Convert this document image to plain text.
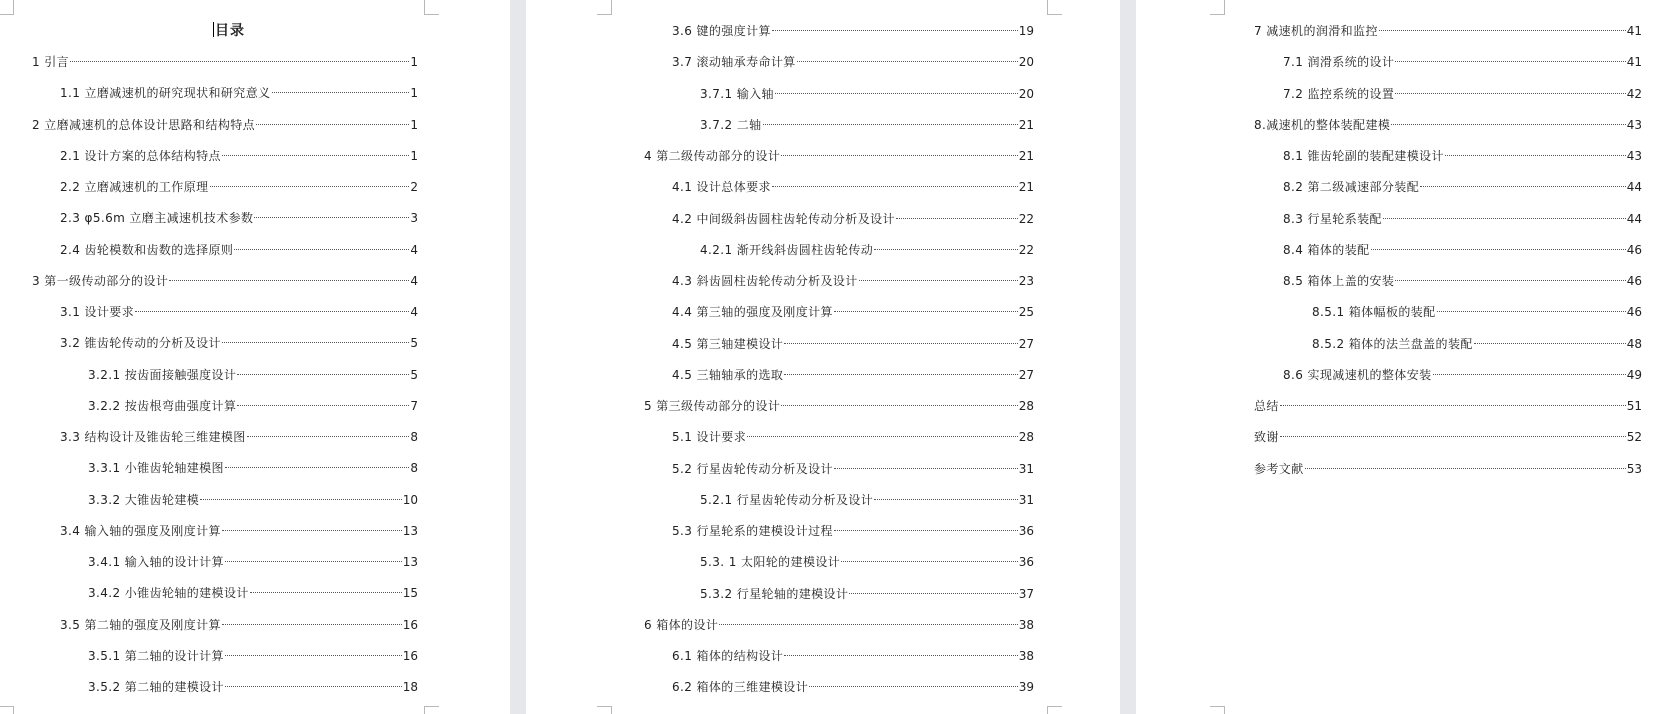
目录
1 引言	1
1.1 立磨减速机的研究现状和研究意义	1
2 立磨减速机的总体设计思路和结构特点	1
2.1 设计方案的总体结构特点	1
2.2 立磨减速机的工作原理	2
2.3 φ5.6m 立磨主减速机技术参数	3
2.4 齿轮模数和齿数的选择原则	4
3 第一级传动部分的设计	4
3.1 设计要求	4
3.2 锥齿轮传动的分析及设计	5
3.2.1 按齿面接触强度设计	5
3.2.2 按齿根弯曲强度计算	7
3.3 结构设计及锥齿轮三维建模图	8
3.3.1 小锥齿轮轴建模图	8
3.3.2 大锥齿轮建模	10
3.4 输入轴的强度及刚度计算	13
3.4.1 输入轴的设计计算	13
3.4.2 小锥齿轮轴的建模设计	15
3.5 第二轴的强度及刚度计算	16
3.5.1 第二轴的设计计算	16
3.5.2 第二轴的建模设计	18
3.6 键的强度计算	19
3.7 滚动轴承寿命计算	20
3.7.1 输入轴	20
3.7.2 二轴	21
4 第二级传动部分的设计	21
4.1 设计总体要求	21
4.2 中间级斜齿圆柱齿轮传动分析及设计	22
4.2.1 渐开线斜齿圆柱齿轮传动	22
4.3 斜齿圆柱齿轮传动分析及设计	23
4.4 第三轴的强度及刚度计算	25
4.5 第三轴建模设计	27
4.5 三轴轴承的选取	27
5 第三级传动部分的设计	28
5.1 设计要求	28
5.2 行星齿轮传动分析及设计	31
5.2.1 行星齿轮传动分析及设计	31
5.3 行星轮系的建模设计过程	36
5.3. 1 太阳轮的建模设计	36
5.3.2 行星轮轴的建模设计	37
6 箱体的设计	38
6.1 箱体的结构设计	38
6.2 箱体的三维建模设计	39
7 减速机的润滑和监控	41
7.1 润滑系统的设计	41
7.2 监控系统的设置	42
8.减速机的整体装配建模	43
8.1 锥齿轮副的装配建模设计	43
8.2 第二级减速部分装配	44
8.3 行星轮系装配	44
8.4 箱体的装配	46
8.5 箱体上盖的安装	46
8.5.1 箱体幅板的装配	46
8.5.2 箱体的法兰盘盖的装配	48
8.6 实现减速机的整体安装	49
总结	51
致谢	52
参考文献	53
